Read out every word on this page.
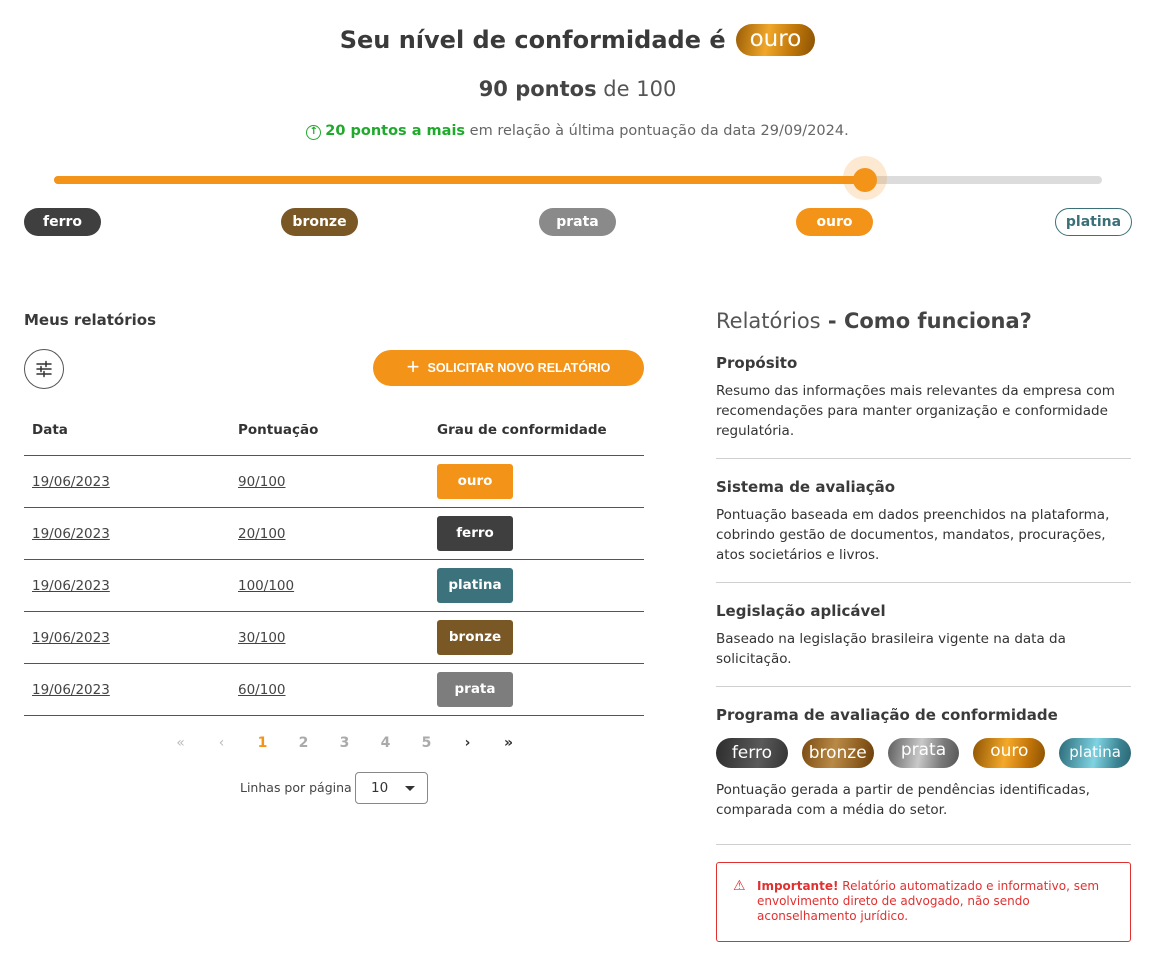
Seu nível de conformidade é	ouro
90 pontos de 100
↑ 20 pontos a mais em relação à última pontuação da data 29/09/2024.
ferro	bronze	prata	ouro	platina
Meus relatórios
+ SOLICITAR NOVO RELATÓRIO
Data	Pontuação	Grau de conformidade
19/06/2023	90/100	ouro
19/06/2023	20/100	ferro
19/06/2023	100/100	platina
19/06/2023	30/100	bronze
19/06/2023	60/100	prata
«	‹	1	2	3	4	5	›	»
Linhas por página 10
Relatórios - Como funciona?
Propósito

Resumo das informações mais relevantes da empresa com recomendações para manter organização e conformidade regulatória.

Sistema de avaliação

Pontuação baseada em dados preenchidos na plataforma, cobrindo gestão de documentos, mandatos, procurações, atos societários e livros.

Legislação aplicável

Baseado na legislação brasileira vigente na data da solicitação.

Programa de avaliação de conformidade
ferro	bronze	prata	ouro	platina

Pontuação gerada a partir de pendências identificadas, comparada com a média do setor.

⚠ Importante! Relatório automatizado e informativo, sem envolvimento direto de advogado, não sendo aconselhamento jurídico.
